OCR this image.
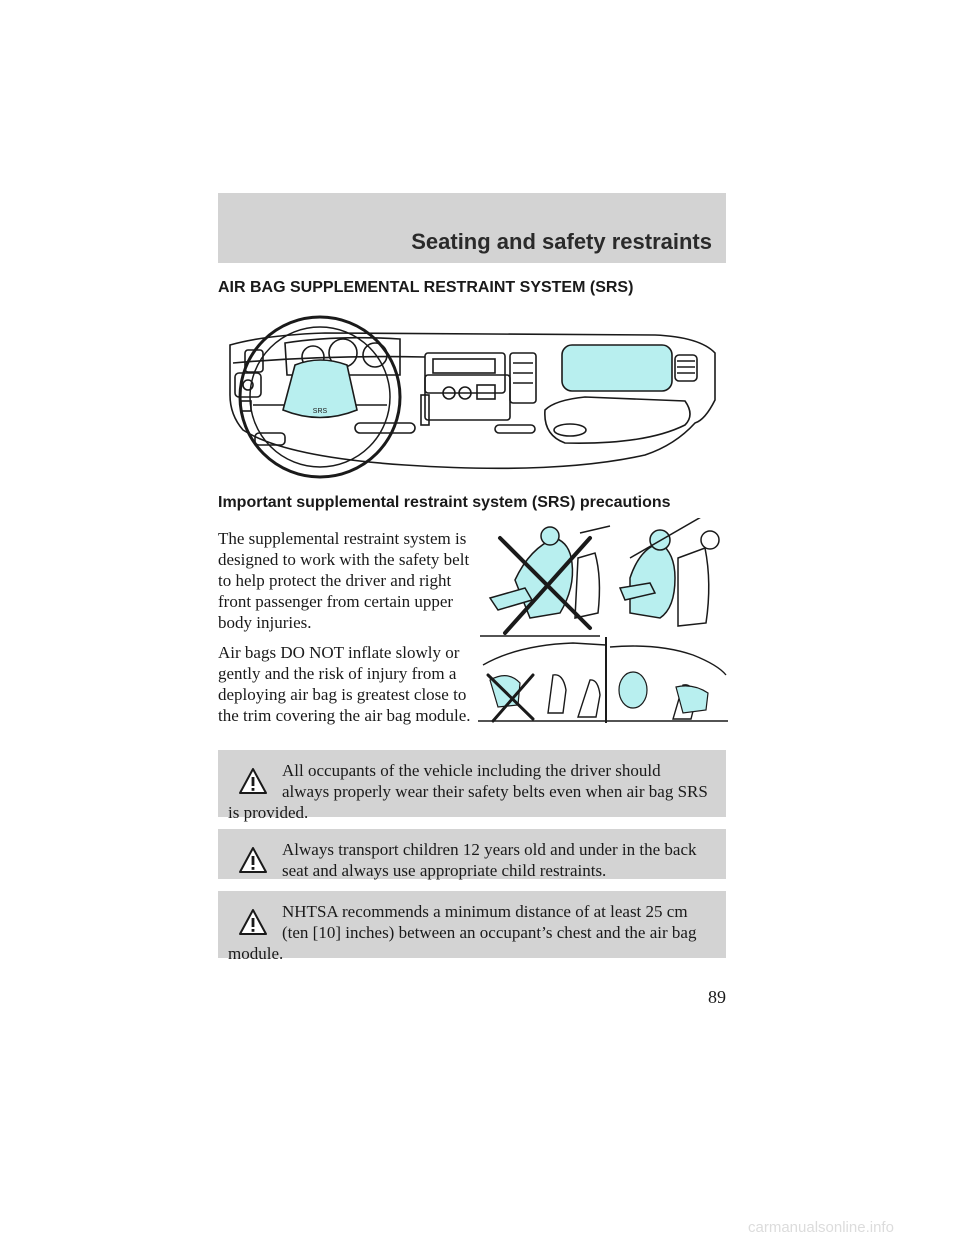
Seating and safety restraints
AIR BAG SUPPLEMENTAL RESTRAINT SYSTEM (SRS)
SRS
Important supplemental restraint system (SRS) precautions

The supplemental restraint system is designed to work with the safety belt to help protect the driver and right front passenger from certain upper body injuries.

Air bags DO NOT inflate slowly or gently and the risk of injury from a deploying air bag is greatest close to the trim covering the air bag module.

All occupants of the vehicle including the driver should always properly wear their safety belts even when air bag SRS is provided.
Always transport children 12 years old and under in the back seat and always use appropriate child restraints.
NHTSA recommends a minimum distance of at least 25 cm (ten [10] inches) between an occupant’s chest and the air bag module.
89
carmanualsonline.info
